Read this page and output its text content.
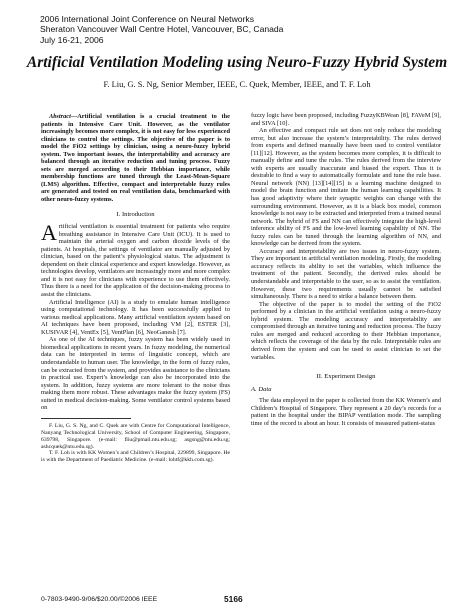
2006 International Joint Conference on Neural Networks
Sheraton Vancouver Wall Centre Hotel, Vancouver, BC, Canada
July 16-21, 2006
Artificial Ventilation Modeling using Neuro-Fuzzy Hybrid System
F. Liu, G. S. Ng, Senior Member, IEEE, C. Quek, Member, IEEE, and T. F. Loh

Abstract—Artificial ventilation is a crucial treatment to the patients in Intensive Care Unit. However, as the ventilator increasingly becomes more complex, it is not easy for less experienced clinicians to control the settings. The objective of the paper is to model the FiO2 settings by clinician, using a neuro-fuzzy hybrid system. Two important issues, the interpretability and accuracy are balanced through an iterative reduction and tuning process. Fuzzy sets are merged according to their Hebbian importance, while membership functions are tuned through the Least-Mean-Square (LMS) algorithm. Effective, compact and interpretable fuzzy rules are generated and tested on real ventilation data, benchmarked with other neuro-fuzzy systems.

I. Introduction

Artificial ventilation is essential treatment for patients who require breathing assistance in Intensive Care Unit (ICU). It is used to maintain the arterial oxygen and carbon dioxide levels of the patients. At hospitals, the settings of ventilator are manually adjusted by clinician, based on the patient’s physiological status. The adjustment is dependent on their clinical experience and expert knowledge. However, as technologies develop, ventilators are increasingly more and more complex and it is not easy for clinicians with experience to use them effectively. Thus there is a need for the application of the decision-making process to assist the clinicians.

Artificial Intelligence (AI) is a study to emulate human intelligence using computational technology. It has been successfully applied to various medical applications. Many artificial ventilation system based on AI techniques have been proposed, including VM [2], ESTER [3], KUSIVAR [4], VentEx [5], VentPlan [6], NeoGanesh [7].

As one of the AI techniques, fuzzy system has been widely used in biomedical applications in recent years. In fuzzy modeling, the numerical data can be interpreted in terms of linguistic concept, which are understandable to human user. The knowledge, in the form of fuzzy rules, can be extracted from the system, and provides assistance to the clinicians in practical use. Expert’s knowledge can also be incorporated into the system. In addition, fuzzy systems are more tolerant to the noise thus making them more robust. These advantages make the fuzzy system (FS) suited in medical decision-making. Some ventilator control systems based on

F. Liu, G. S. Ng, and C. Quek are with Centre for Computational Intelligence, Nanyang Technological University, School of Computer Engineering, Singapore, 639798, Singapore. (e-mail: fliu@pmail.ntu.edu.sg; asgsng@ntu.edu.sg; ashcquek@ntu.edu.sg).

T. F. Loh is with KK Women’s and Children’s Hospital, 229899, Singapore. He is with the Department of Paediatric Medicine. (e-mail: lohtf@kkh.com.sg).

fuzzy logic have been proposed, including FuzzyKBWean [8], FAVeM [9], and SIVA [10].

An effective and compact rule set does not only reduce the modeling error, but also increase the system’s interpretability. The rules derived from experts and defined manually have been used to control ventilator [11][12]. However, as the system becomes more complex, it is difficult to manually define and tune the rules. The rules derived from the interview with experts are usually inaccurate and biased the expert. Thus it is desirable to find a way to automatically formulate and tune the rule base. Neural network (NN) [13][14][15] is a learning machine designed to model the brain function and imitate the human learning capabilities. It has good adaptivity where their synaptic weights can change with the surrounding environment. However, as it is a black box model, common knowledge is not easy to be extracted and interpreted from a trained neural network. The hybrid of FS and NN can effectively integrate the high-level inference ability of FS and the low-level learning capability of NN. The fuzzy rules can be tuned through the learning algorithm of NN, and knowledge can be derived from the system.

Accuracy and interpretability are two issues in neuro-fuzzy system. They are important in artificial ventilation modeling. Firstly, the modeling accuracy reflects its ability to set the variables, which influence the treatment of the patient. Secondly, the derived rules should be understandable and interpretable to the user, so as to assist the ventilation. However, these two requirements usually cannot be satisfied simultaneously. There is a need to strike a balance between them.

The objective of the paper is to model the setting of the FiO2 performed by a clinician in the artificial ventilation using a neuro-fuzzy hybrid system. The modeling accuracy and interpretability are compromised through an iterative tuning and reduction process. The fuzzy rules are merged and reduced according to their Hebbian importance, which reflects the coverage of the data by the rule. Interpretable rules are derived from the system and can be used to assist clinician to set the variables.

II. Experiment Design
A. Data

The data employed in the paper is collected from the KK Women’s and Children’s Hospital of Singapore. They represent a 20 day’s records for a patient in the hospital under the BIPAP ventilation mode. The sampling time of the record is about an hour. It consists of measured patient-status

0-7803-9490-9/06/$20.00/©2006 IEEE	5166
